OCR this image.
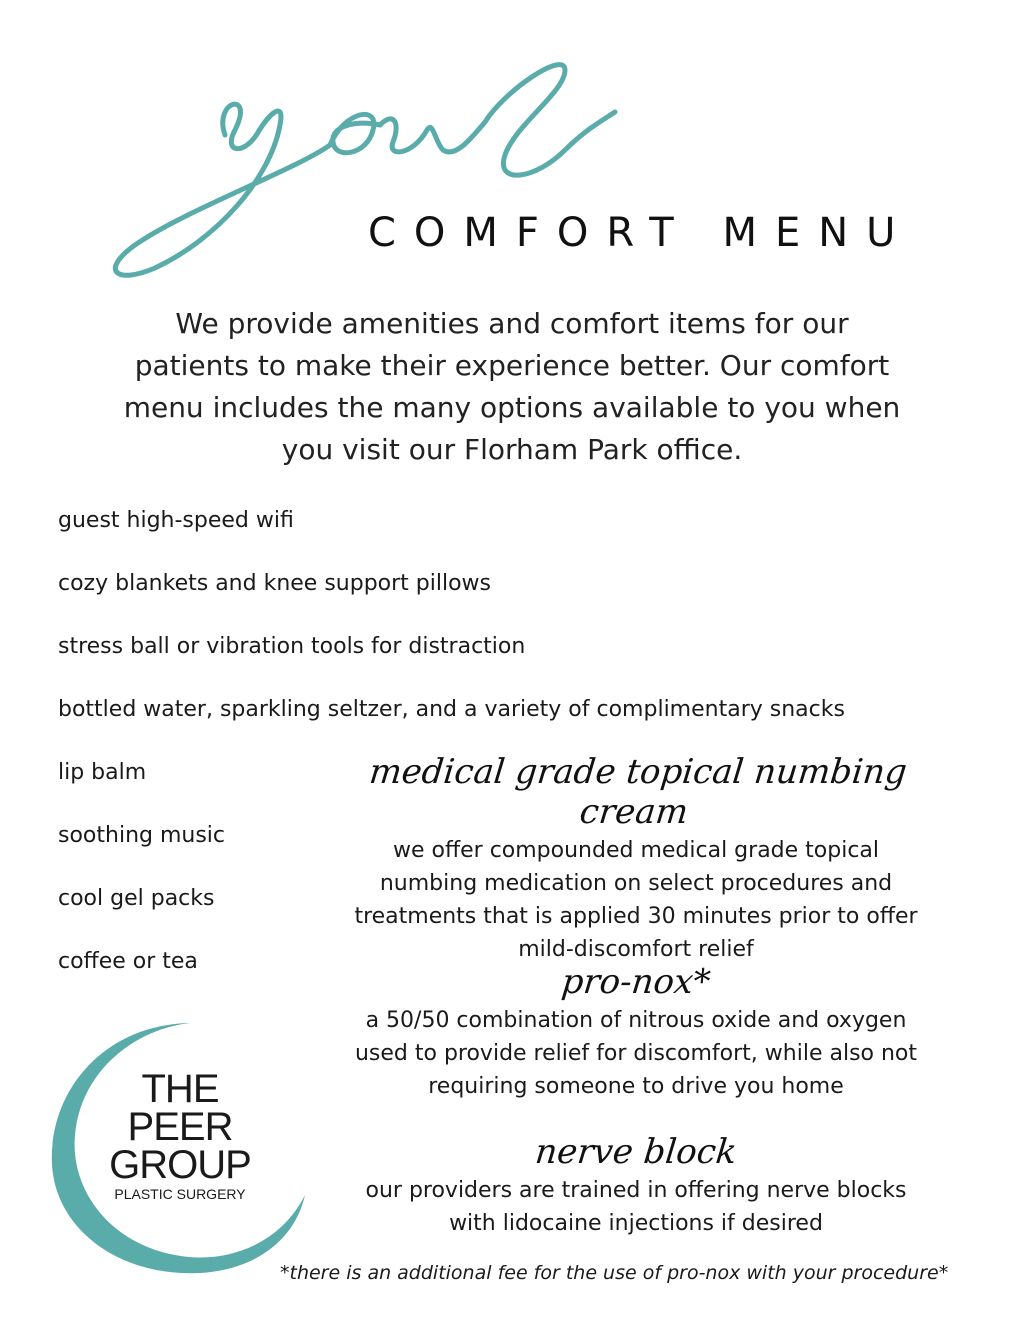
COMFORT MENU
We provide amenities and comfort items for our
patients to make their experience better. Our comfort
menu includes the many options available to you when
you visit our Florham Park office.
guest high-speed wifi
cozy blankets and knee support pillows
stress ball or vibration tools for distraction
bottled water, sparkling seltzer, and a variety of complimentary snacks
lip balm
soothing music
cool gel packs
coffee or tea
medical grade topical numbing cream
we offer compounded medical grade topical
numbing medication on select procedures and
treatments that is applied 30 minutes prior to offer
mild-discomfort relief
pro-nox*
a 50/50 combination of nitrous oxide and oxygen
used to provide relief for discomfort, while also not
requiring someone to drive you home
nerve block
our providers are trained in offering nerve blocks
with lidocaine injections if desired
THE
PEER
GROUP
PLASTIC SURGERY
*there is an additional fee for the use of pro-nox with your procedure*
